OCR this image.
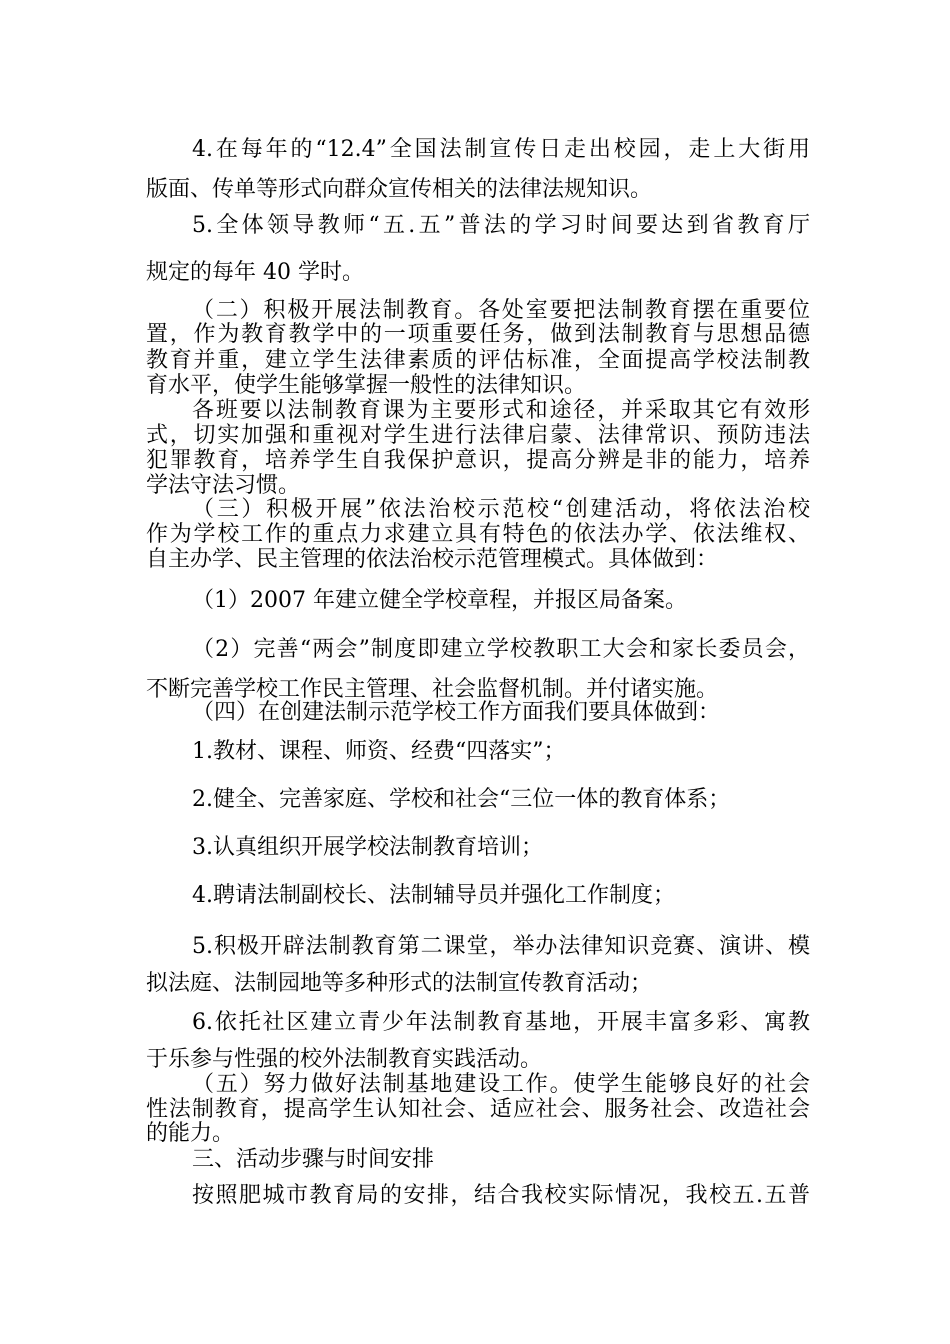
4.在每年的“12.4”全国法制宣传日走出校园，走上大街用
版面、传单等形式向群众宣传相关的法律法规知识。
5.全体领导教师“五.五”普法的学习时间要达到省教育厅
规定的每年 40 学时。
（二）积极开展法制教育。各处室要把法制教育摆在重要位
置，作为教育教学中的一项重要任务，做到法制教育与思想品德
教育并重，建立学生法律素质的评估标准，全面提高学校法制教
育水平，使学生能够掌握一般性的法律知识。
各班要以法制教育课为主要形式和途径，并采取其它有效形
式，切实加强和重视对学生进行法律启蒙、法律常识、预防违法
犯罪教育，培养学生自我保护意识，提高分辨是非的能力，培养
学法守法习惯。
（三）积极开展”依法治校示范校“创建活动，将依法治校
作为学校工作的重点力求建立具有特色的依法办学、依法维权、
自主办学、民主管理的依法治校示范管理模式。具体做到：
（1）2007 年建立健全学校章程，并报区局备案。
（2）完善“两会”制度即建立学校教职工大会和家长委员会，
不断完善学校工作民主管理、社会监督机制。并付诸实施。
（四）在创建法制示范学校工作方面我们要具体做到：
1.教材、课程、师资、经费“四落实”；
2.健全、完善家庭、学校和社会“三位一体的教育体系；
3.认真组织开展学校法制教育培训；
4.聘请法制副校长、法制辅导员并强化工作制度；
5.积极开辟法制教育第二课堂，举办法律知识竞赛、演讲、模
拟法庭、法制园地等多种形式的法制宣传教育活动；
6.依托社区建立青少年法制教育基地，开展丰富多彩、寓教
于乐参与性强的校外法制教育实践活动。
（五）努力做好法制基地建设工作。使学生能够良好的社会
性法制教育，提高学生认知社会、适应社会、服务社会、改造社会
的能力。
三、活动步骤与时间安排
按照肥城市教育局的安排，结合我校实际情况，我校五.五普
